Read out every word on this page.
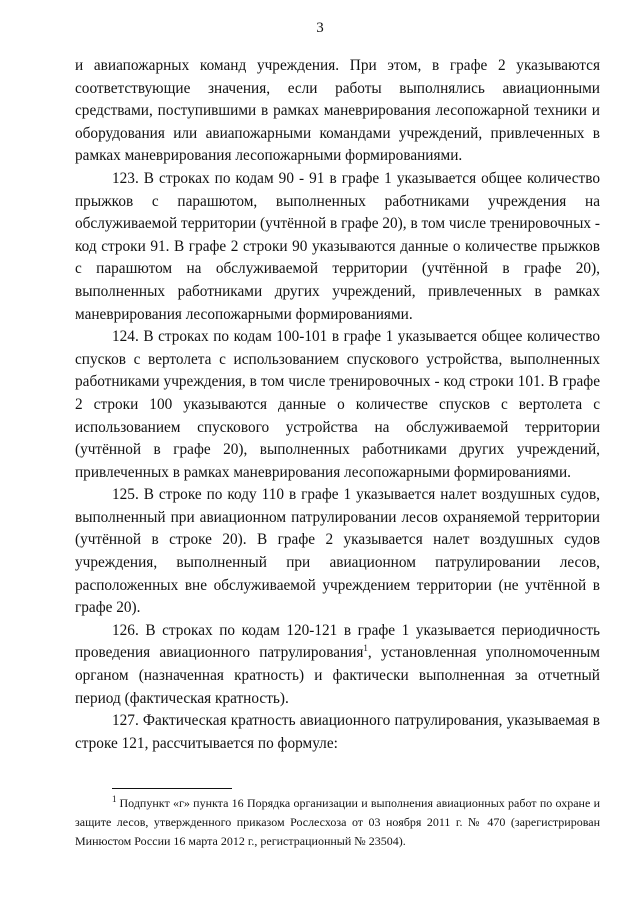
3

и авиапожарных команд учреждения. При этом, в графе 2 указываются соответствующие значения, если работы выполнялись авиационными средствами, поступившими в рамках маневрирования лесопожарной техники и оборудования или авиапожарными командами учреждений, привлеченных в рамках маневрирования лесопожарными формированиями.

123. В строках по кодам 90 - 91 в графе 1 указывается общее количество прыжков с парашютом, выполненных работниками учреждения на обслуживаемой территории (учтённой в графе 20), в том числе тренировочных - код строки 91. В графе 2 строки 90 указываются данные о количестве прыжков с парашютом на обслуживаемой территории (учтённой в графе 20), выполненных работниками других учреждений, привлеченных в рамках маневрирования лесопожарными формированиями.

124. В строках по кодам 100-101 в графе 1 указывается общее количество спусков с вертолета с использованием спускового устройства, выполненных работниками учреждения, в том числе тренировочных - код строки 101. В графе 2 строки 100 указываются данные о количестве спусков с вертолета с использованием спускового устройства на обслуживаемой территории (учтённой в графе 20), выполненных работниками других учреждений, привлеченных в рамках маневрирования лесопожарными формированиями.

125. В строке по коду 110 в графе 1 указывается налет воздушных судов, выполненный при авиационном патрулировании лесов охраняемой территории (учтённой в строке 20). В графе 2 указывается налет воздушных судов учреждения, выполненный при авиационном патрулировании лесов, расположенных вне обслуживаемой учреждением территории (не учтённой в графе 20).

126. В строках по кодам 120-121 в графе 1 указывается периодичность проведения авиационного патрулирования$^1$, установленная уполномоченным органом (назначенная кратность) и фактически выполненная за отчетный период (фактическая кратность).

127. Фактическая кратность авиационного патрулирования, указываемая в строке 121, рассчитывается по формуле:

$^1$ Подпункт «г» пункта 16 Порядка организации и выполнения авиационных работ по охране и защите лесов, утвержденного приказом Рослесхоза от 03 ноября 2011 г. № 470 (зарегистрирован Минюстом России 16 марта 2012 г., регистрационный № 23504).
